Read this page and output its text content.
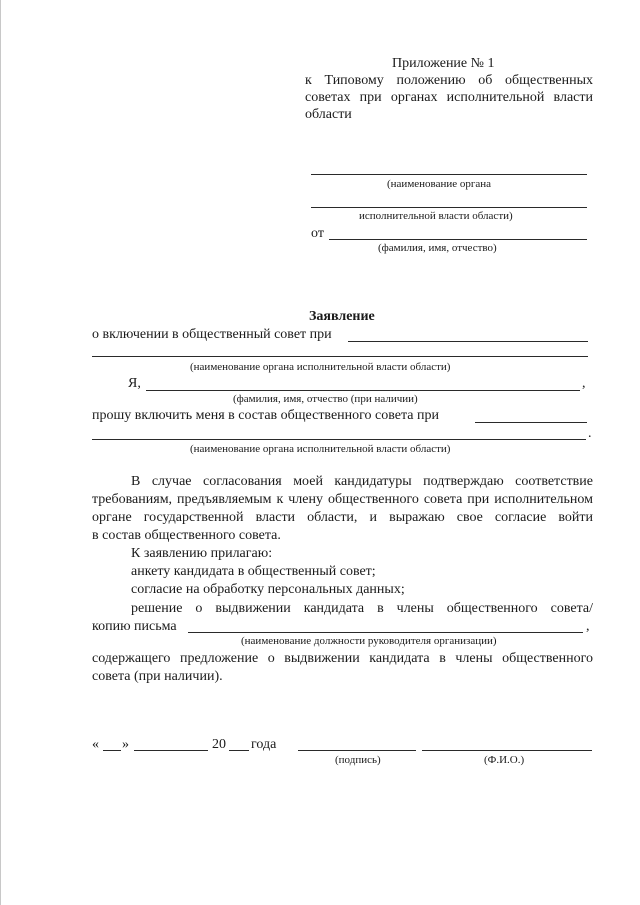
Приложение № 1
к Типовому положению об общественных
советах при органах исполнительной власти
области
(наименование органа
исполнительной власти области)
от
(фамилия, имя, отчество)
Заявление
о включении в общественный совет при
(наименование органа исполнительной власти области)
Я,	,
(фамилия, имя, отчество (при наличии)
прошу включить меня в состав общественного совета при
.
(наименование органа исполнительной власти области)
В случае согласования моей кандидатуры подтверждаю соответствие
требованиям, предъявляемым к члену общественного совета при исполнительном
органе государственной власти области, и выражаю свое согласие войти
в состав общественного совета.
К заявлению прилагаю:
анкету кандидата в общественный совет;
согласие на обработку персональных данных;
решение о выдвижении кандидата в члены общественного совета/
копию письма	,
(наименование должности руководителя организации)
содержащего предложение о выдвижении кандидата в члены общественного
совета (при наличии).
« »	20 года
(подпись)	(Ф.И.О.)
